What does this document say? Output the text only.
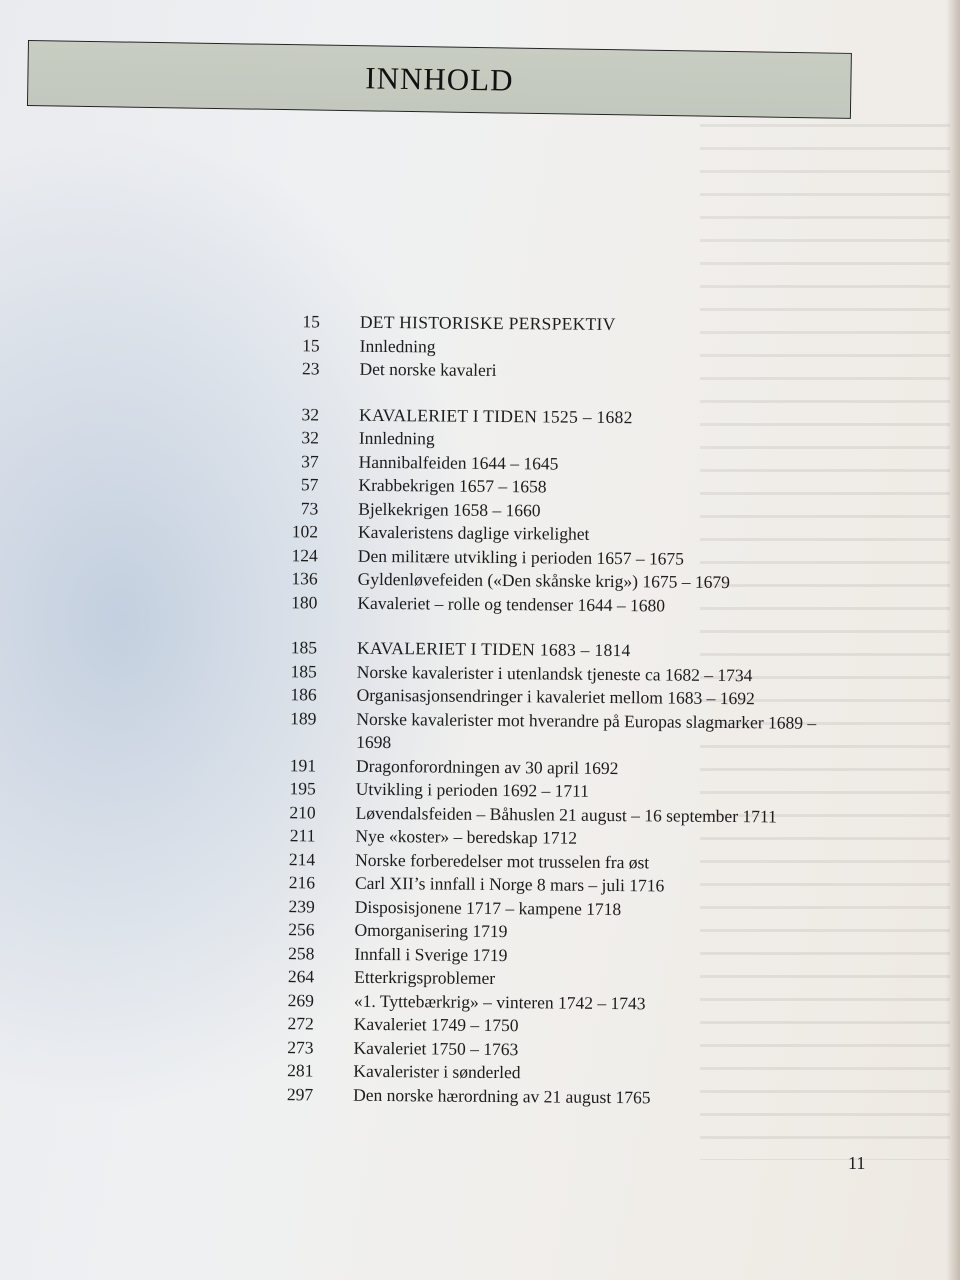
INNHOLD
15 DET HISTORISKE PERSPEKTIV
15 Innledning
23 Det norske kavaleri
32 KAVALERIET I TIDEN 1525 – 1682
32 Innledning
37 Hannibalfeiden 1644 – 1645
57 Krabbekrigen 1657 – 1658
73 Bjelkekrigen 1658 – 1660
102 Kavaleristens daglige virkelighet
124 Den militære utvikling i perioden 1657 – 1675
136 Gyldenløvefeiden («Den skånske krig») 1675 – 1679
180 Kavaleriet – rolle og tendenser 1644 – 1680
185 KAVALERIET I TIDEN 1683 – 1814
185 Norske kavalerister i utenlandsk tjeneste ca 1682 – 1734
186 Organisasjonsendringer i kavaleriet mellom 1683 – 1692
189 Norske kavalerister mot hverandre på Europas slagmarker 1689 – 1698
191 Dragonforordningen av 30 april 1692
195 Utvikling i perioden 1692 – 1711
210 Løvendalsfeiden – Båhuslen 21 august – 16 september 1711
211 Nye «koster» – beredskap 1712
214 Norske forberedelser mot trusselen fra øst
216 Carl XII’s innfall i Norge 8 mars – juli 1716
239 Disposisjonene 1717 – kampene 1718
256 Omorganisering 1719
258 Innfall i Sverige 1719
264 Etterkrigsproblemer
269 «1. Tyttebærkrig» – vinteren 1742 – 1743
272 Kavaleriet 1749 – 1750
273 Kavaleriet 1750 – 1763
281 Kavalerister i sønderled
297 Den norske hærordning av 21 august 1765
11
